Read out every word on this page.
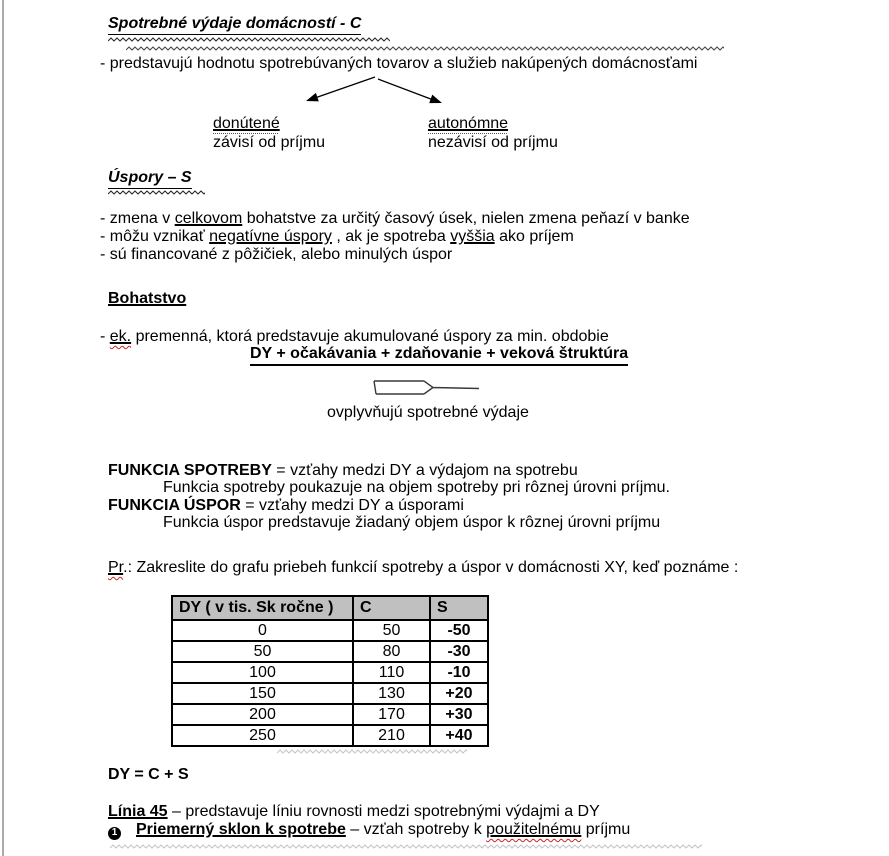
Spotrebné výdaje domácností - C
- predstavujú hodnotu spotrebúvaných tovarov a služieb nakúpených domácnosťami
donútené
závisí od príjmu
autonómne
nezávisí od príjmu
Úspory – S
- zmena v celkovom bohatstve za určitý časový úsek, nielen zmena peňazí v banke
- môžu vznikať negatívne úspory , ak je spotreba vyššia ako príjem
- sú financované z pôžičiek, alebo minulých úspor
Bohatstvo
- ek. premenná, ktorá predstavuje akumulované úspory za min. obdobie
DY + očakávania + zdaňovanie + veková štruktúra
ovplyvňujú spotrebné výdaje
FUNKCIA SPOTREBY = vzťahy medzi DY a výdajom na spotrebu
Funkcia spotreby poukazuje na objem spotreby pri rôznej úrovni príjmu.
FUNKCIA ÚSPOR = vzťahy medzi DY a úsporami
Funkcia úspor predstavuje žiadaný objem úspor k rôznej úrovni príjmu
Pr.: Zakreslite do grafu priebeh funkcií spotreby a úspor v domácnosti XY, keď poznáme :
DY ( v tis. Sk ročne )	C	S
0	50	-50
50	80	-30
100	110	-10
150	130	+20
200	170	+30
250	210	+40
DY = C + S
Línia 45 – predstavuje líniu rovnosti medzi spotrebnými výdajmi a DY
1 Priemerný sklon k spotrebe – vzťah spotreby k použitelnému príjmu
